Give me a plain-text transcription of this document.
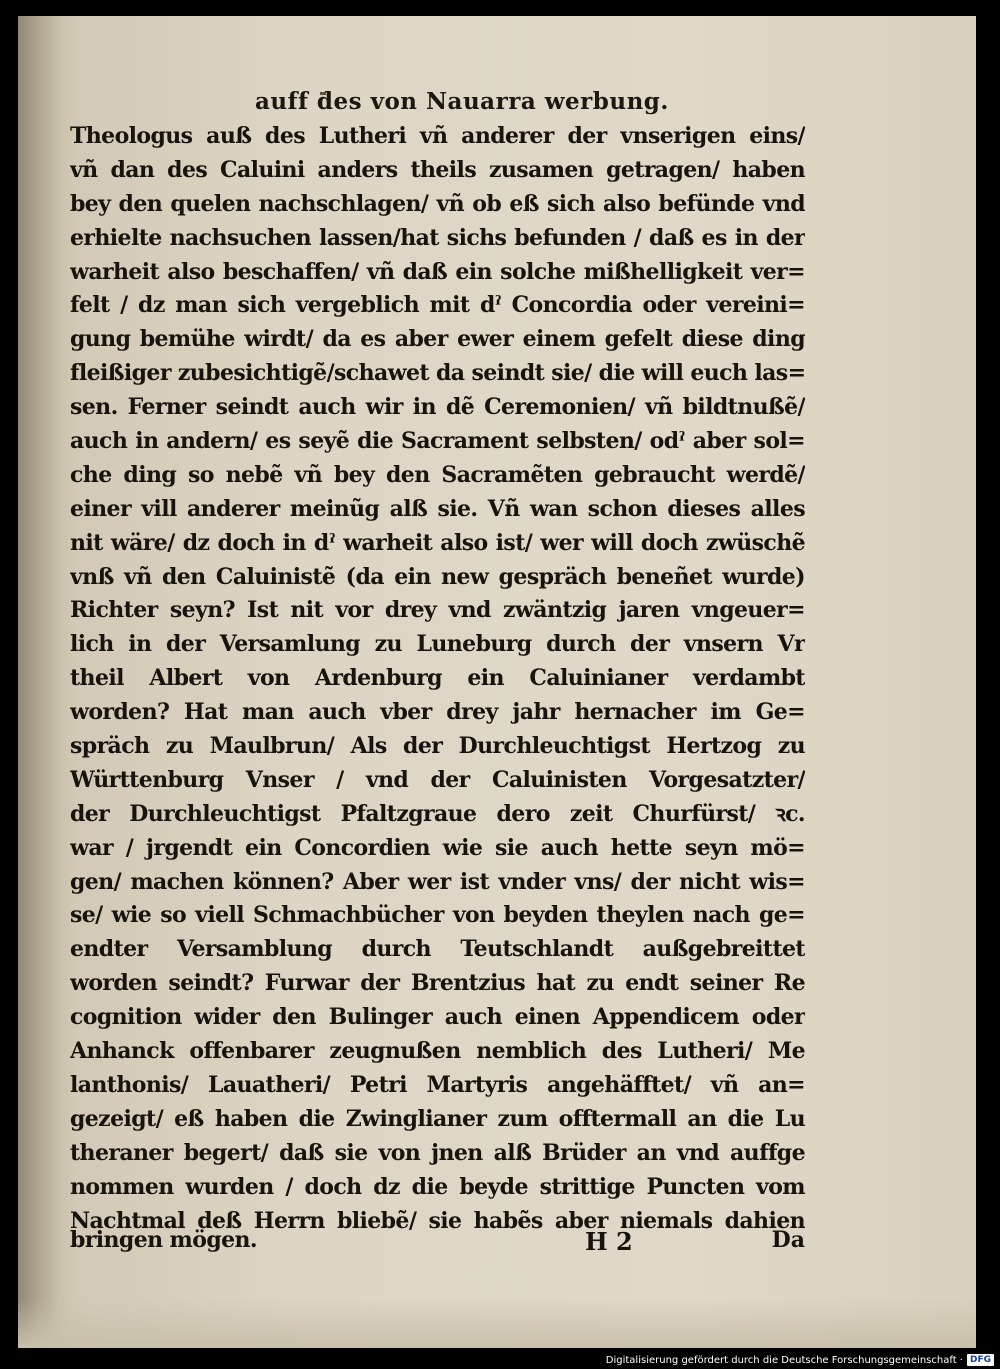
auff des von Nauarra werbung.
Theologus auß des Lutheri vñ anderer der vnserigen eins/
vñ dan des Caluini anders theils zusamen getragen/ haben
bey den quelen nachschlagen/ vñ ob eß sich also befünde vnd
erhielte nachsuchen lassen/hat sichs befunden / daß es in der
warheit also beschaffen/ vñ daß ein solche mißhelligkeit ver=
felt / dz man sich vergeblich mit dˀ Concordia oder vereini=
gung bemühe wirdt/ da es aber ewer einem gefelt diese ding
fleißiger zubesichtigẽ/schawet da seindt sie/ die will euch las=
sen. Ferner seindt auch wir in dẽ Ceremonien/ vñ bildtnußẽ/
auch in andern/ es seyẽ die Sacrament selbsten/ odˀ aber sol=
che ding so nebẽ vñ bey den Sacramẽten gebraucht werdẽ/
einer vill anderer meinũg alß sie. Vñ wan schon dieses alles
nit wäre/ dz doch in dˀ warheit also ist/ wer will doch zwüschẽ
vnß vñ den Caluinistẽ (da ein new gespräch beneñet wurde)
Richter seyn? Ist nit vor drey vnd zwäntzig jaren vngeuer=
lich in der Versamlung zu Luneburg durch der vnsern Vr
theil Albert von Ardenburg ein Caluinianer verdambt
worden? Hat man auch vber drey jahr hernacher im Ge=
spräch zu Maulbrun/ Als der Durchleuchtigst Hertzog zu
Württenburg Vnser / vnd der Caluinisten Vorgesatzter/
der Durchleuchtigst Pfaltzgraue dero zeit Churfürst/ ꝛc.
war / jrgendt ein Concordien wie sie auch hette seyn mö=
gen/ machen können? Aber wer ist vnder vns/ der nicht wis=
se/ wie so viell Schmachbücher von beyden theylen nach ge=
endter Versamblung durch Teutschlandt außgebreittet
worden seindt? Furwar der Brentzius hat zu endt seiner Re
cognition wider den Bulinger auch einen Appendicem oder
Anhanck offenbarer zeugnußen nemblich des Lutheri/ Me
lanthonis/ Lauatheri/ Petri Martyris angehäfftet/ vñ an=
gezeigt/ eß haben die Zwinglianer zum offtermall an die Lu
theraner begert/ daß sie von jnen alß Brüder an vnd auffge
nommen wurden / doch dz die beyde strittige Puncten vom
Nachtmal deß Herrn bliebẽ/ sie habẽs aber niemals dahien
bringen mögen.	H 2	Da
Digitalisierung gefördert durch die Deutsche Forschungsgemeinschaft · DFG
